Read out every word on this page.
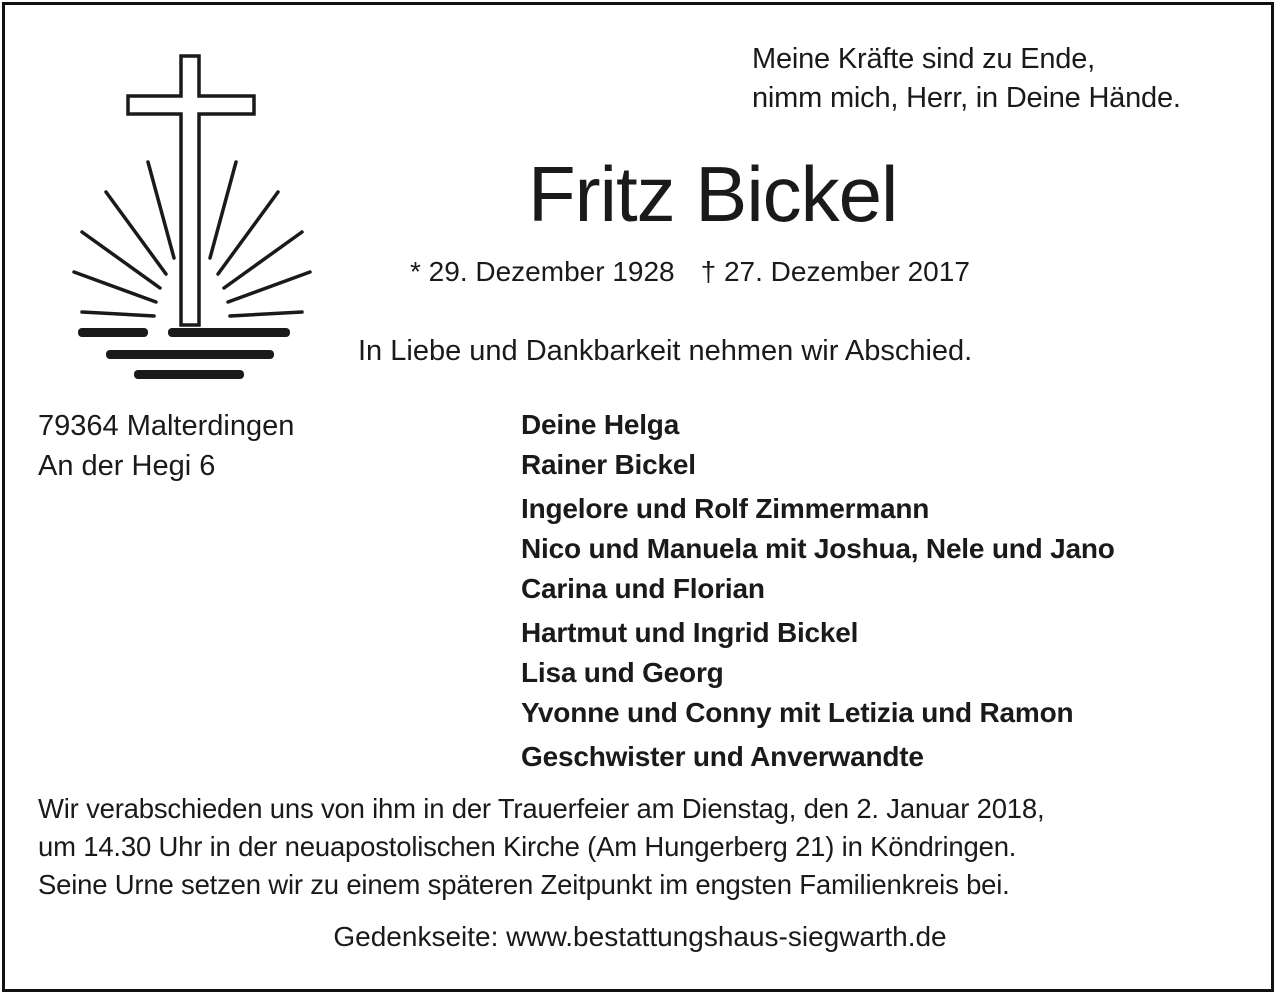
Meine Kräfte sind zu Ende,
nimm mich, Herr, in Deine Hände.
Fritz Bickel
* 29. Dezember 1928 † 27. Dezember 2017
In Liebe und Dankbarkeit nehmen wir Abschied.
79364 Malterdingen
An der Hegi 6
Deine Helga
Rainer Bickel
Ingelore und Rolf Zimmermann
Nico und Manuela mit Joshua, Nele und Jano
Carina und Florian
Hartmut und Ingrid Bickel
Lisa und Georg
Yvonne und Conny mit Letizia und Ramon
Geschwister und Anverwandte
Wir verabschieden uns von ihm in der Trauerfeier am Dienstag, den 2. Januar 2018,
um 14.30 Uhr in der neuapostolischen Kirche (Am Hungerberg 21) in Köndringen.
Seine Urne setzen wir zu einem späteren Zeitpunkt im engsten Familienkreis bei.
Gedenkseite: www.bestattungshaus-siegwarth.de
